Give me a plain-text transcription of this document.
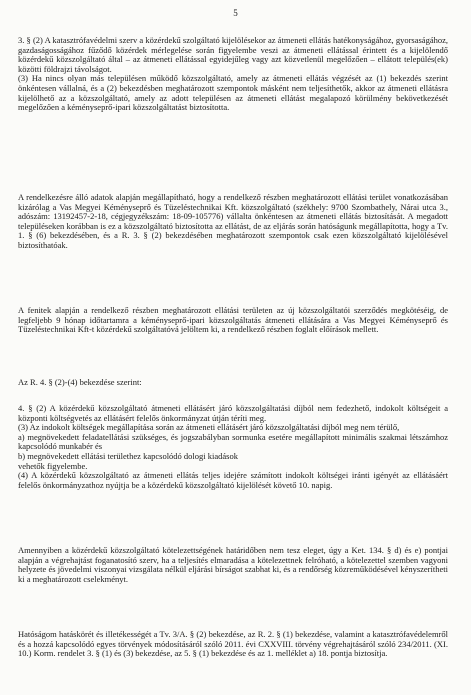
5

3. § (2) A katasztrófavédelmi szerv a közérdekű szolgáltató kijelölésekor az átmeneti ellátás hatékonyságához, gyorsaságához, gazdaságosságához fűződő közérdek mérlegelése során figyelembe veszi az átmeneti ellátással érintett és a kijelölendő közérdekű közszolgáltató által – az átmeneti ellátással egyidejűleg vagy azt közvetlenül megelőzően – ellátott település(ek) közötti földrajzi távolságot.
(3) Ha nincs olyan más településen működő közszolgáltató, amely az átmeneti ellátás végzését az (1) bekezdés szerint önkéntesen vállalná, és a (2) bekezdésben meghatározott szempontok másként nem teljesíthetők, akkor az átmeneti ellátásra kijelölhető az a közszolgáltató, amely az adott településen az átmeneti ellátást megalapozó körülmény bekövetkezését megelőzően a kéményseprő-ipari közszolgáltatást biztosította.

A rendelkezésre álló adatok alapján megállapítható, hogy a rendelkező részben meghatározott ellátási terület vonatkozásában kizárólag a Vas Megyei Kéményseprő és Tüzeléstechnikai Kft. közszolgáltató (székhely: 9700 Szombathely, Nárai utca 3., adószám: 13192457-2-18, cégjegyzékszám: 18-09-105776) vállalta önkéntesen az átmeneti ellátás biztosítását. A megadott településeken korábban is ez a közszolgáltató biztosította az ellátást, de az eljárás során hatóságunk megállapította, hogy a Tv. 1. § (6) bekezdésében, és a R. 3. § (2) bekezdésében meghatározott szempontok csak ezen közszolgáltató kijelölésével biztosíthatóak.

A fenitek alapján a rendelkező részben meghatározott ellátási területen az új közszolgáltatói szerződés megkötéséig, de legfeljebb 9 hónap időtartamra a kéményseprő-ipari közszolgáltatás átmeneti ellátására a Vas Megyei Kéményseprő és Tüzeléstechnikai Kft-t közérdekű szolgáltatóvá jelöltem ki, a rendelkező részben foglalt előírások mellett.

Az R. 4. § (2)-(4) bekezdése szerint:

4. § (2) A közérdekű közszolgáltató átmeneti ellátásért járó közszolgáltatási díjból nem fedezhető, indokolt költségeit a központi költségvetés az ellátásért felelős önkormányzat útján téríti meg.
(3) Az indokolt költségek megállapítása során az átmeneti ellátásért járó közszolgáltatási díjból meg nem térülő,
a) megnövekedett feladatellátási szükséges, és jogszabályban sormunka esetére megállapított minimális szakmai létszámhoz kapcsolódó munkabér és
b) megnövekedett ellátási területhez kapcsolódó dologi kiadások
vehetők figyelembe.
(4) A közérdekű közszolgáltató az átmeneti ellátás teljes idejére számított indokolt költségei iránti igényét az ellátásáért felelős önkormányzathoz nyújtja be a közérdekű közszolgáltató kijelölését követő 10. napig.

Amennyiben a közérdekű közszolgáltató kötelezettségének határidőben nem tesz eleget, úgy a Ket. 134. § d) és e) pontjai alapján a végrehajtást foganatosító szerv, ha a teljesítés elmaradása a kötelezettnek felróható, a kötelezettel szemben vagyoni helyzete és jövedelmi viszonyai vizsgálata nélkül eljárási bírságot szabhat ki, és a rendőrség közreműködésével kényszerítheti ki a meghatározott cselekményt.

Hatóságom hatáskörét és illetékességét a Tv. 3/A. § (2) bekezdése, az R. 2. § (1) bekezdése, valamint a katasztrófavédelemről és a hozzá kapcsolódó egyes törvények módosításáról szóló 2011. évi CXXVIII. törvény végrehajtásáról szóló 234/2011. (XI. 10.) Korm. rendelet 3. § (1) és (3) bekezdése, az 5. § (1) bekezdése és az 1. melléklet a) 18. pontja biztosítja.
